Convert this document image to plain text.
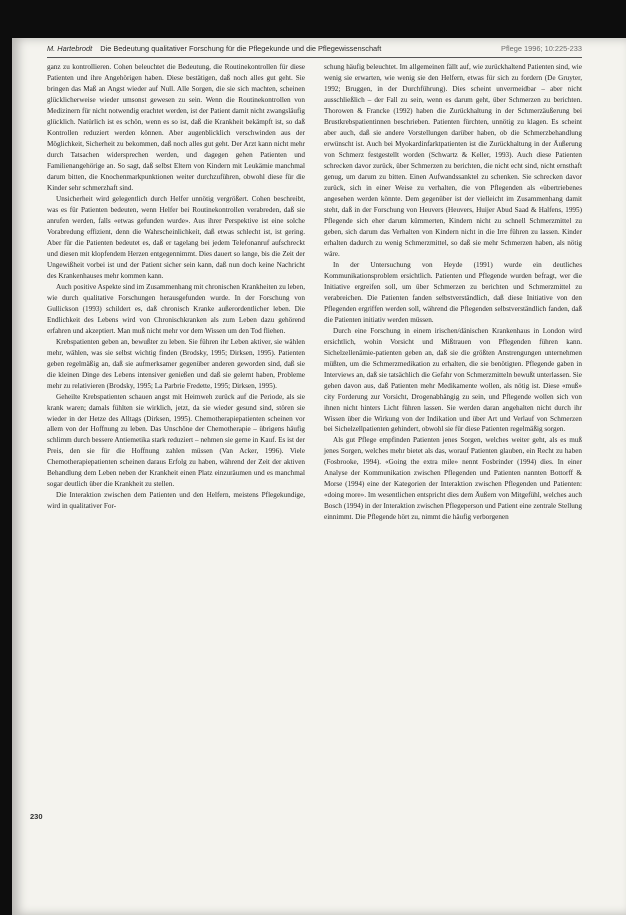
M. Hartebrodt Die Bedeutung qualitativer Forschung für die Pflegekunde und die Pflegewissenschaft	Pflege 1996; 10:225-233

ganz zu kontrollieren. Cohen beleuchtet die Bedeutung, die Routinekontrollen für diese Patienten und ihre Angehörigen haben. Diese bestätigen, daß noch alles gut geht. Sie bringen das Maß an Angst wieder auf Null. Alle Sorgen, die sie sich machten, scheinen glücklicherweise wieder umsonst gewesen zu sein. Wenn die Routinekontrollen von Medizinern für nicht notwendig erachtet werden, ist der Patient damit nicht zwangsläufig glücklich. Natürlich ist es schön, wenn es so ist, daß die Krankheit bekämpft ist, so daß Kontrollen reduziert werden können. Aber augenblicklich verschwinden aus der Möglichkeit, Sicherheit zu bekommen, daß noch alles gut geht. Der Arzt kann nicht mehr durch Tatsachen widersprechen werden, und dagegen gehen Patienten und Familienangehörige an. So sagt, daß selbst Eltern von Kindern mit Leukämie manchmal darum bitten, die Knochenmarkpunktionen weiter durchzuführen, obwohl diese für die Kinder sehr schmerzhaft sind.

Unsicherheit wird gelegentlich durch Helfer unnötig vergrößert. Cohen beschreibt, was es für Patienten bedeuten, wenn Helfer bei Routinekontrollen verabreden, daß sie anrufen werden, falls «etwas gefunden wurde». Aus ihrer Perspektive ist eine solche Vorabredung effizient, denn die Wahrscheinlichkeit, daß etwas schlecht ist, ist gering. Aber für die Patienten bedeutet es, daß er tagelang bei jedem Telefonanruf aufschreckt und diesen mit klopfendem Herzen entgegennimmt. Dies dauert so lange, bis die Zeit der Ungewißheit vorbei ist und der Patient sicher sein kann, daß nun doch keine Nachricht des Krankenhauses mehr kommen kann.

Auch positive Aspekte sind im Zusammenhang mit chronischen Krankheiten zu leben, wie durch qualitative Forschungen herausgefunden wurde. In der Forschung von Gullickson (1993) schildert es, daß chronisch Kranke außerordentlicher leben. Die Endlichkeit des Lebens wird von Chronischkranken als zum Leben dazu gehörend erfahren und akzeptiert. Man muß nicht mehr vor dem Wissen um den Tod fliehen.

Krebspatienten geben an, bewußter zu leben. Sie führen ihr Leben aktiver, sie wählen mehr, wählen, was sie selbst wichtig finden (Brodsky, 1995; Dirksen, 1995). Patienten geben regelmäßig an, daß sie aufmerksamer gegenüber anderen geworden sind, daß sie die kleinen Dinge des Lebens intensiver genießen und daß sie gelernt haben, Probleme mehr zu relativieren (Brodsky, 1995; La Parbrie Fredette, 1995; Dirksen, 1995).

Geheilte Krebspatienten schauen angst mit Heimweh zurück auf die Periode, als sie krank waren; damals fühlten sie wirklich, jetzt, da sie wieder gesund sind, stören sie wieder in der Hetze des Alltags (Dirksen, 1995). Chemotherapiepatienten scheinen vor allem von der Hoffnung zu leben. Das Unschöne der Chemotherapie – übrigens häufig schlimm durch bessere Antiemetika stark reduziert – nehmen sie gerne in Kauf. Es ist der Preis, den sie für die Hoffnung zahlen müssen (Van Acker, 1996). Viele Chemotherapiepatienten scheinen daraus Erfolg zu haben, während der Zeit der aktiven Behandlung dem Leben neben der Krankheit einen Platz einzuräumen und es manchmal sogar deutlich über die Krankheit zu stellen.

Die Interaktion zwischen dem Patienten und den Helfern, meistens Pflegekundige, wird in qualitativer For-

schung häufig beleuchtet. Im allgemeinen fällt auf, wie zurückhaltend Patienten sind, wie wenig sie erwarten, wie wenig sie den Helfern, etwas für sich zu fordern (De Gruyter, 1992; Bruggen, in der Durchführung). Dies scheint unvermeidbar – aber nicht ausschließlich – der Fall zu sein, wenn es darum geht, über Schmerzen zu berichten. Thorowen & Francke (1992) haben die Zurückhaltung in der Schmerzäußerung bei Brustkrebspatientinnen beschrieben. Patienten fürchten, unnötig zu klagen. Es scheint aber auch, daß sie andere Vorstellungen darüber haben, ob die Schmerzbehandlung erwünscht ist. Auch bei Myokardinfarktpatienten ist die Zurückhaltung in der Äußerung von Schmerz festgestellt worden (Schwartz & Keller, 1993). Auch diese Patienten schrecken davor zurück, über Schmerzen zu berichten, die nicht echt sind, nicht ernsthaft genug, um darum zu bitten. Einen Aufwandssanktel zu schenken. Sie schrecken davor zurück, sich in einer Weise zu verhalten, die von Pflegenden als «übertriebenes angesehen werden könnte. Dem gegenüber ist der vielleicht im Zusammenhang damit steht, daß in der Forschung von Heuvers (Heuvers, Huijer Abud Saad & Halfens, 1995) Pflegende sich eher darum kümmerten, Kindern nicht zu schnell Schmerzmittel zu geben, sich darum das Verhalten von Kindern nicht in die Irre führen zu lassen. Kinder erhalten dadurch zu wenig Schmerzmittel, so daß sie mehr Schmerzen haben, als nötig wäre.

In der Untersuchung von Heyde (1991) wurde ein deutliches Kommunikationsproblem ersichtlich. Patienten und Pflegende wurden befragt, wer die Initiative ergreifen soll, um über Schmerzen zu berichten und Schmerzmittel zu verabreichen. Die Patienten fanden selbstverständlich, daß diese Initiative von den Pflegenden ergriffen werden soll, während die Pflegenden selbstverständlich fanden, daß die Patienten initiativ werden müssen.

Durch eine Forschung in einem irischen/dänischen Krankenhaus in London wird ersichtlich, wohin Vorsicht und Mißtrauen von Pflegenden führen kann. Sichelzellenämie-patienten geben an, daß sie die größten Anstrengungen unternehmen müßten, um die Schmerzmedikation zu erhalten, die sie benötigten. Pflegende gaben in Interviews an, daß sie tatsächlich die Gefahr von Schmerzmitteln bewußt unterlassen. Sie gehen davon aus, daß Patienten mehr Medikamente wollen, als nötig ist. Diese «muß» city Forderung zur Vorsicht, Drogenabhängig zu sein, und Pflegende wollen sich von ihnen nicht hinters Licht führen lassen. Sie werden daran angehalten nicht durch ihr Wissen über die Wirkung von der Indikation und über Art und Verlauf von Schmerzen bei Sichelzellpatienten gehindert, obwohl sie für diese Patienten regelmäßig sorgen.

Als gut Pflege empfinden Patienten jenes Sorgen, welches weiter geht, als es muß jenes Sorgen, welches mehr bietet als das, worauf Patienten glauben, ein Recht zu haben (Fosbrooke, 1994). «Going the extra mile» nennt Fosbrinder (1994) dies. In einer Analyse der Kommunikation zwischen Pflegenden und Patienten nannten Bottorff & Morse (1994) eine der Kategorien der Interaktion zwischen Pflegenden und Patienten: «doing more». Im wesentlichen entspricht dies dem Äußern von Mitgefühl, welches auch Bosch (1994) in der Interaktion zwischen Pflegeperson und Patient eine zentrale Stellung einnimmt. Die Pflegende hört zu, nimmt die häufig verborgenen

230
